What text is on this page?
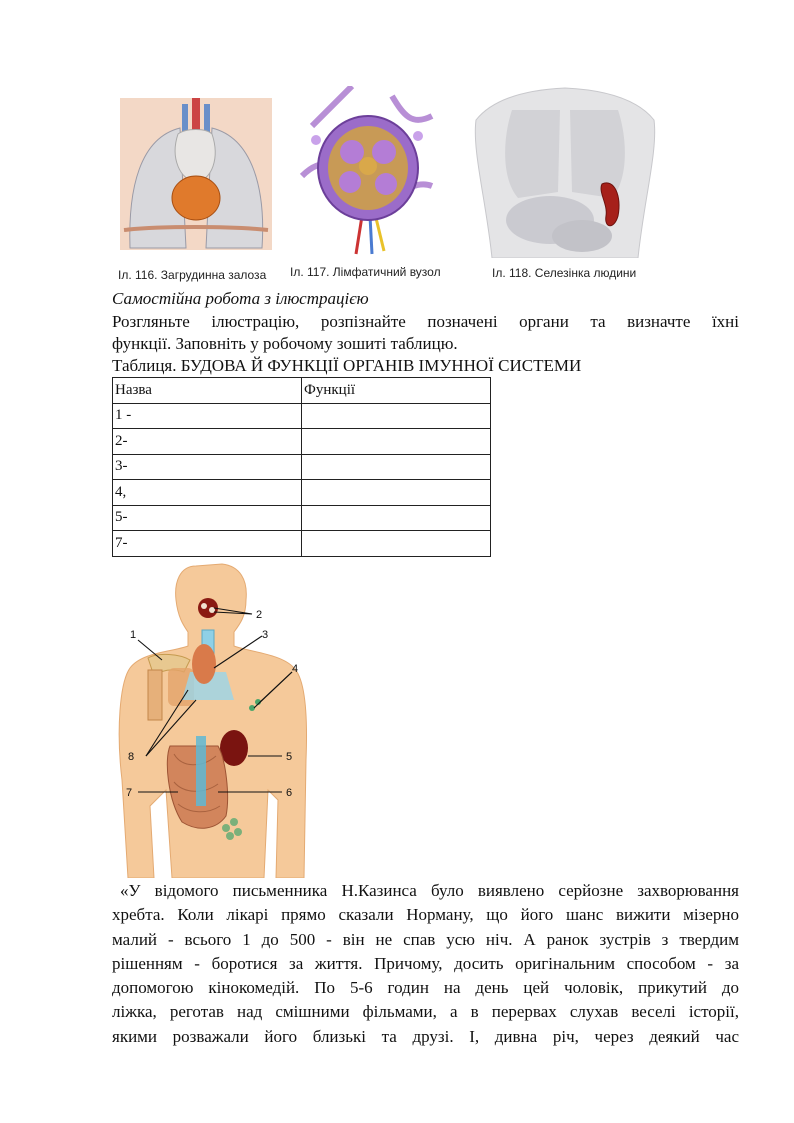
Іл. 116. Загрудинна залоза Іл. 117. Лімфатичний вузол	Іл. 118. Селезінка людини
Самостійна робота з ілюстрацією
Розгляньте ілюстрацію, розпізнайте позначені органи та визначте їхні
функції. Заповніть у робочому зошиті таблицю.
Таблиця. БУДОВА Й ФУНКЦІЇ ОРГАНІВ ІМУННОЇ СИСТЕМИ
Назва	Функції
1 -	
2-	
3-	
4,	
5-	
7-	
2
1	3
4
5
8
7	6
«У відомого письменника Н.Казинса було виявлено серйозне захворювання
хребта. Коли лікарі прямо сказали Норману, що його шанс вижити мізерно
малий - всього 1 до 500 - він не спав усю ніч. А ранок зустрів з твердим
рішенням - боротися за життя. Причому, досить оригінальним способом - за
допомогою кінокомедій. По 5-6 годин на день цей чоловік, прикутий до
ліжка, реготав над смішними фільмами, а в перервах слухав веселі історії,
якими розважали його близькі та друзі. І, дивна річ, через деякий час
